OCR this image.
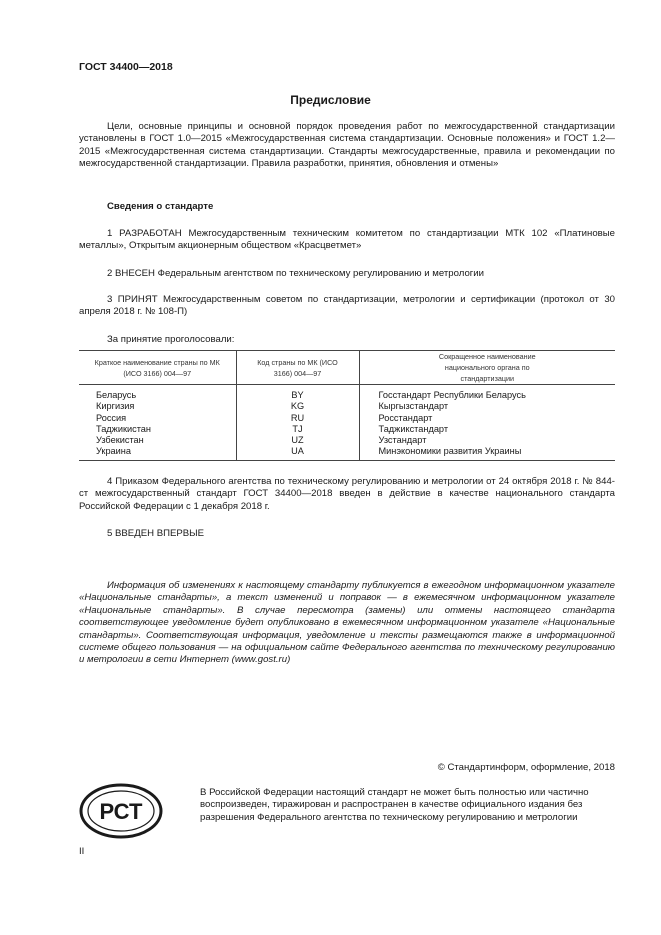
ГОСТ 34400—2018
Предисловие
Цели, основные принципы и основной порядок проведения работ по межгосударственной стандартизации установлены в ГОСТ 1.0—2015 «Межгосударственная система стандартизации. Основные положения» и ГОСТ 1.2—2015 «Межгосударственная система стандартизации. Стандарты межгосударственные, правила и рекомендации по межгосударственной стандартизации. Правила разработки, принятия, обновления и отмены»
Сведения о стандарте
1 РАЗРАБОТАН Межгосударственным техническим комитетом по стандартизации МТК 102 «Платиновые металлы», Открытым акционерным обществом «Красцветмет»
2 ВНЕСЕН Федеральным агентством по техническому регулированию и метрологии
3 ПРИНЯТ Межгосударственным советом по стандартизации, метрологии и сертификации (протокол от 30 апреля 2018 г. № 108-П)
За принятие проголосовали:
Краткое наименование страны по МК (ИСО 3166) 004—97	Код страны по МК (ИСО 3166) 004—97	Сокращенное наименование национального органа по стандартизации
Беларусь	BY	Госстандарт Республики Беларусь
Киргизия	KG	Кыргызстандарт
Россия	RU	Росстандарт
Таджикистан	TJ	Таджикстандарт
Узбекистан	UZ	Узстандарт
Украина	UA	Минэкономики развития Украины
4 Приказом Федерального агентства по техническому регулированию и метрологии от 24 октября 2018 г. № 844-ст межгосударственный стандарт ГОСТ 34400—2018 введен в действие в качестве национального стандарта Российской Федерации с 1 декабря 2018 г.
5 ВВЕДЕН ВПЕРВЫЕ
Информация об изменениях к настоящему стандарту публикуется в ежегодном информационном указателе «Национальные стандарты», а текст изменений и поправок — в ежемесячном информационном указателе «Национальные стандарты». В случае пересмотра (замены) или отмены настоящего стандарта соответствующее уведомление будет опубликовано в ежемесячном информационном указателе «Национальные стандарты». Соответствующая информация, уведомление и тексты размещаются также в информационной системе общего пользования — на официальном сайте Федерального агентства по техническому регулированию и метрологии в сети Интернет (www.gost.ru)
© Стандартинформ, оформление, 2018
РСТ
В Российской Федерации настоящий стандарт не может быть полностью или частично воспроизведен, тиражирован и распространен в качестве официального издания без разрешения Федерального агентства по техническому регулированию и метрологии
II
